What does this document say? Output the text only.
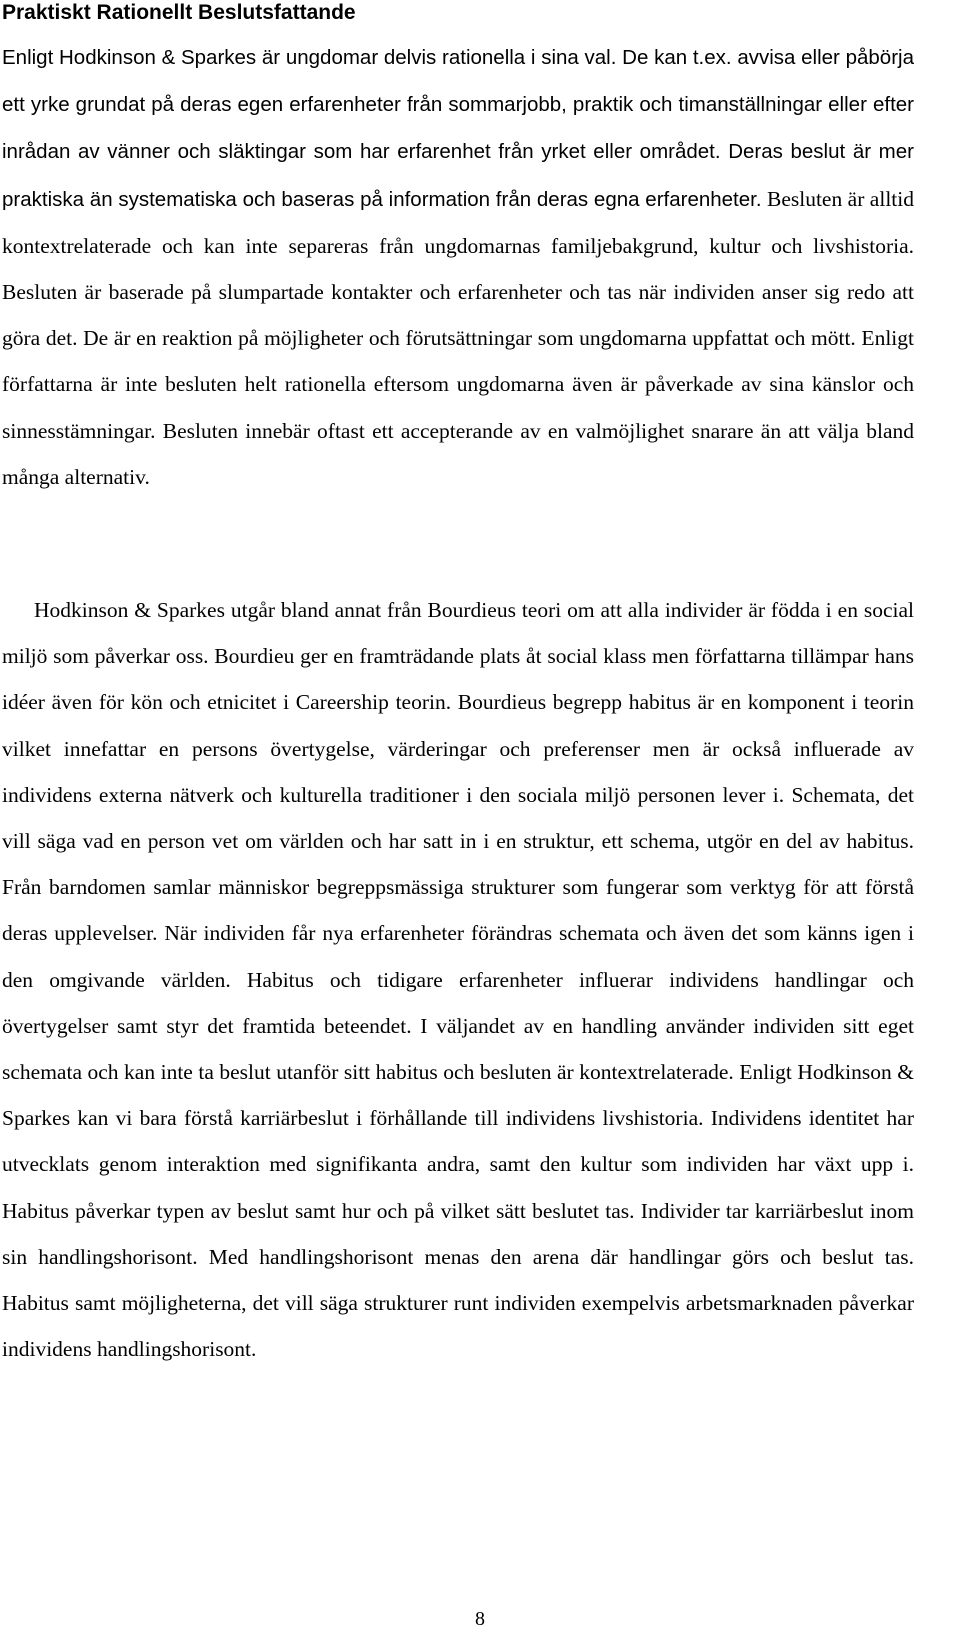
Praktiskt Rationellt Beslutsfattande

Enligt Hodkinson & Sparkes är ungdomar delvis rationella i sina val. De kan t.ex. avvisa eller påbörja ett yrke grundat på deras egen erfarenheter från sommarjobb, praktik och timanställningar eller efter inrådan av vänner och släktingar som har erfarenhet från yrket eller området. Deras beslut är mer praktiska än systematiska och baseras på information från deras egna erfarenheter. Besluten är alltid kontextrelaterade och kan inte separeras från ungdomarnas familjebakgrund, kultur och livshistoria. Besluten är baserade på slumpartade kontakter och erfarenheter och tas när individen anser sig redo att göra det. De är en reaktion på möjligheter och förutsättningar som ungdomarna uppfattat och mött. Enligt författarna är inte besluten helt rationella eftersom ungdomarna även är påverkade av sina känslor och sinnesstämningar. Besluten innebär oftast ett accepterande av en valmöjlighet snarare än att välja bland många alternativ.

Hodkinson & Sparkes utgår bland annat från Bourdieus teori om att alla individer är födda i en social miljö som påverkar oss. Bourdieu ger en framträdande plats åt social klass men författarna tillämpar hans idéer även för kön och etnicitet i Careership teorin. Bourdieus begrepp habitus är en komponent i teorin vilket innefattar en persons övertygelse, värderingar och preferenser men är också influerade av individens externa nätverk och kulturella traditioner i den sociala miljö personen lever i. Schemata, det vill säga vad en person vet om världen och har satt in i en struktur, ett schema, utgör en del av habitus. Från barndomen samlar människor begreppsmässiga strukturer som fungerar som verktyg för att förstå deras upplevelser. När individen får nya erfarenheter förändras schemata och även det som känns igen i den omgivande världen. Habitus och tidigare erfarenheter influerar individens handlingar och övertygelser samt styr det framtida beteendet. I väljandet av en handling använder individen sitt eget schemata och kan inte ta beslut utanför sitt habitus och besluten är kontextrelaterade. Enligt Hodkinson & Sparkes kan vi bara förstå karriärbeslut i förhållande till individens livshistoria. Individens identitet har utvecklats genom interaktion med signifikanta andra, samt den kultur som individen har växt upp i. Habitus påverkar typen av beslut samt hur och på vilket sätt beslutet tas. Individer tar karriärbeslut inom sin handlingshorisont. Med handlingshorisont menas den arena där handlingar görs och beslut tas. Habitus samt möjligheterna, det vill säga strukturer runt individen exempelvis arbetsmarknaden påverkar individens handlingshorisont.

8
